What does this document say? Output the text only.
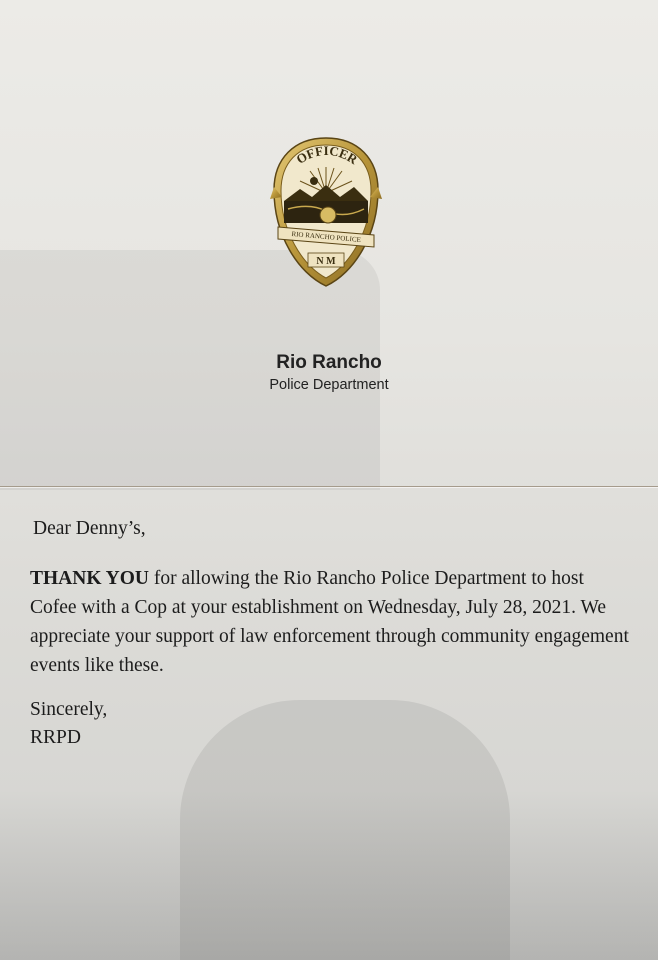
RIO RANCHO POLICE
OFFICER
N M
Rio Rancho
Police Department

Dear Denny’s,

THANK YOU for allowing the Rio Rancho Police Department to host Cofee with a Cop at your establishment on Wednesday, July 28, 2021. We appreciate your support of law enforcement through community engagement events like these.

Sincerely,
RRPD
